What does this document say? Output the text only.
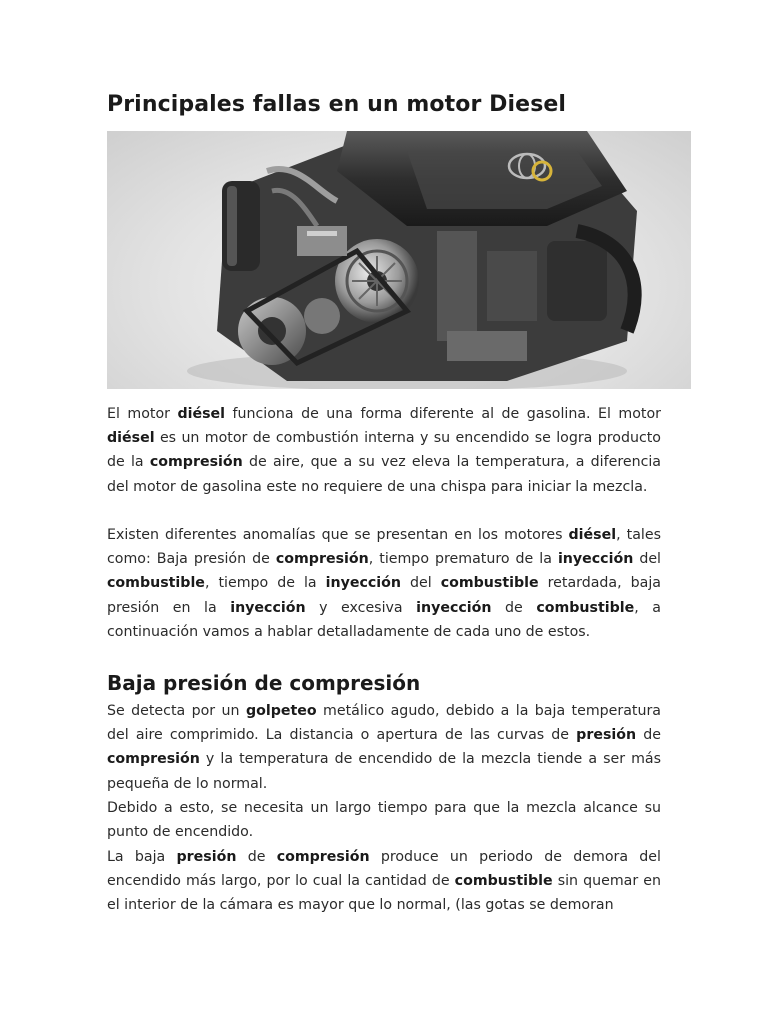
Principales fallas en un motor Diesel

El motor diésel funciona de una forma diferente al de gasolina. El motor diésel es un motor de combustión interna y su encendido se logra producto de la compresión de aire, que a su vez eleva la temperatura, a diferencia del motor de gasolina este no requiere de una chispa para iniciar la mezcla.

Existen diferentes anomalías que se presentan en los motores diésel, tales como: Baja presión de compresión, tiempo prematuro de la inyección del combustible, tiempo de la inyección del combustible retardada, baja presión en la inyección y excesiva inyección de combustible, a continuación vamos a hablar detalladamente de cada uno de estos.

Baja presión de compresión

Se detecta por un golpeteo metálico agudo, debido a la baja temperatura del aire comprimido. La distancia o apertura de las curvas de presión de compresión y la temperatura de encendido de la mezcla tiende a ser más pequeña de lo normal.

Debido a esto, se necesita un largo tiempo para que la mezcla alcance su punto de encendido.

La baja presión de compresión produce un periodo de demora del encendido más largo, por lo cual la cantidad de combustible sin quemar en el interior de la cámara es mayor que lo normal, (las gotas se demoran
